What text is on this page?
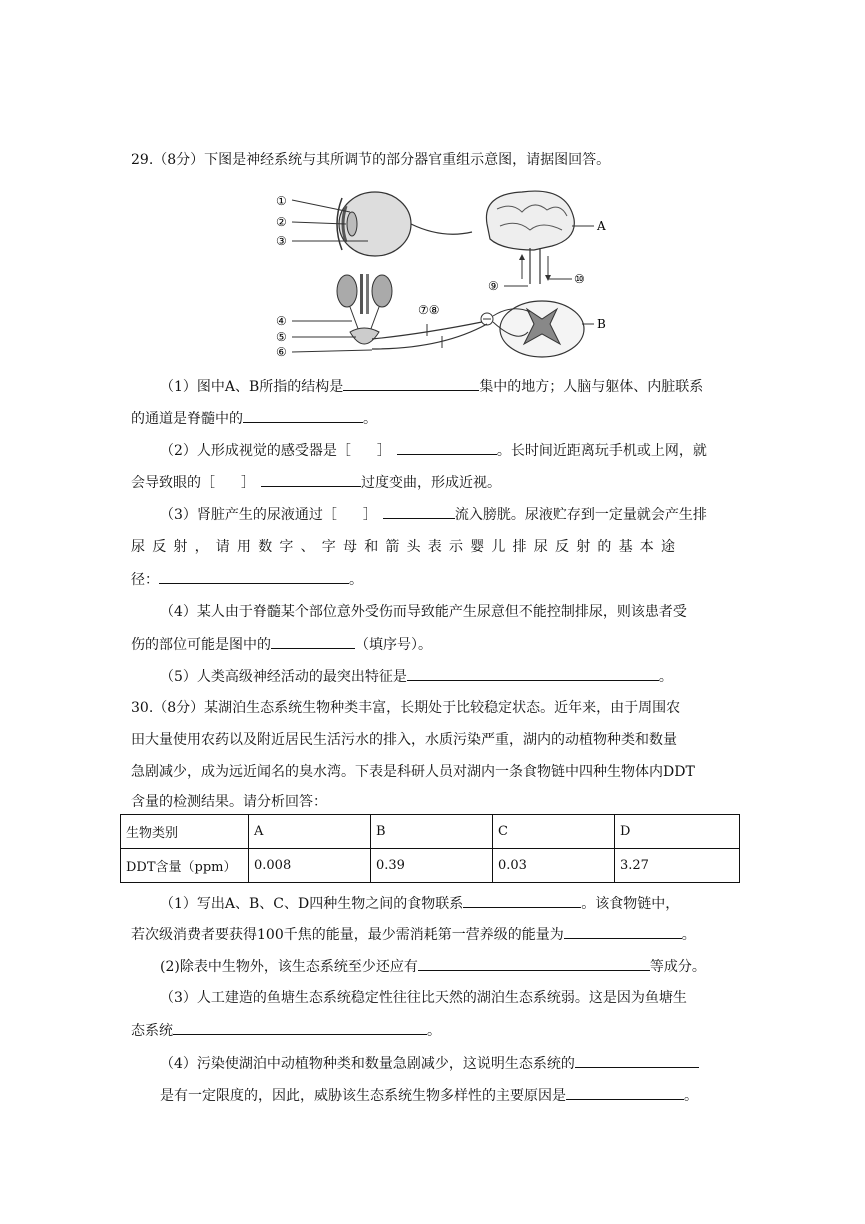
29.（8分）下图是神经系统与其所调节的部分器官重组示意图，请据图回答。
①
②
③
④
⑤
⑥
⑦⑧
⑨	⑩
A
B
（1）图中A、B所指的结构是	集中的地方；人脑与躯体、内脏联系
的通道是脊髓中的	。
（2）人形成视觉的感受器是［ ］	。长时间近距离玩手机或上网，就
会导致眼的［ ］	过度变曲，形成近视。
（3）肾脏产生的尿液通过［ ］	流入膀胱。尿液贮存到一定量就会产生排
尿反射，请用数字、字母和箭头表示婴儿排尿反射的基本途
径：	。
（4）某人由于脊髓某个部位意外受伤而导致能产生尿意但不能控制排尿，则该患者受
伤的部位可能是图中的	（填序号）。
（5）人类高级神经活动的最突出特征是	。
30.（8分）某湖泊生态系统生物种类丰富，长期处于比较稳定状态。近年来，由于周围农
田大量使用农药以及附近居民生活污水的排入，水质污染严重，湖内的动植物种类和数量
急剧减少，成为远近闻名的臭水湾。下表是科研人员对湖内一条食物链中四种生物体内DDT
含量的检测结果。请分析回答：
生物类别	A	B	C	D
DDT含量（ppm）	0.008	0.39	0.03	3.27
（1）写出A、B、C、D四种生物之间的食物联系	。该食物链中，
若次级消费者要获得100千焦的能量，最少需消耗第一营养级的能量为	。
(2)除表中生物外，该生态系统至少还应有	等成分。
（3）人工建造的鱼塘生态系统稳定性往往比天然的湖泊生态系统弱。这是因为鱼塘生
态系统	。
（4）污染使湖泊中动植物种类和数量急剧减少，这说明生态系统的
是有一定限度的，因此，威胁该生态系统生物多样性的主要原因是	。
